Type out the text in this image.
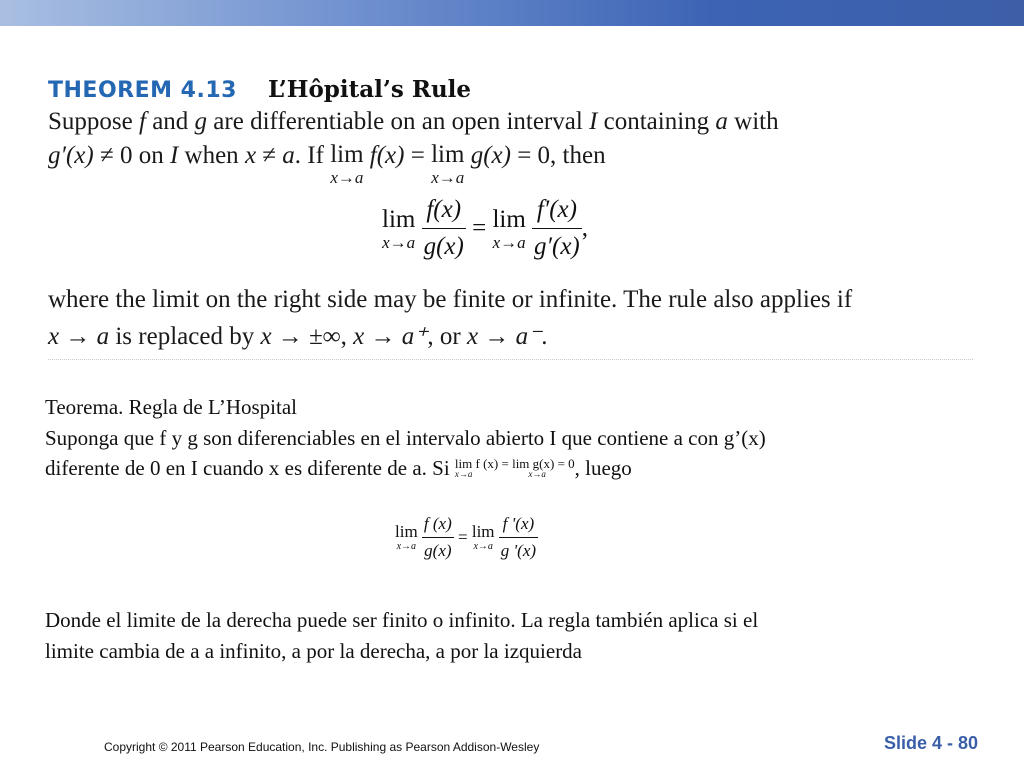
THEOREM 4.13 L’Hôpital’s Rule
Suppose f and g are differentiable on an open interval I containing a with
g′(x) ≠ 0 on I when x ≠ a. If lim
x→a
f(x) = lim
x→a
g(x) = 0, then
lim
x→a
$\frac{f(x)}{g(x)} = \lim$
x→a
$\frac{f'(x)}{g'(x)}$ ,
where the limit on the right side may be finite or infinite. The rule also applies if
x → a is replaced by x → ±∞, x → a⁺, or x → a⁻.
Teorema. Regla de L’Hospital
Suponga que f y g son diferenciables en el intervalo abierto I que contiene a con g’(x)
diferente de 0 en I cuando x es diferente de a. Si lim f (x) = lim g(x) = 0
x→a	x→a	, luego
lim
x→a
$\frac{f (x)}{g(x)} = \lim$
x→a
$\frac{f '(x)}{g '(x)}$
Donde el limite de la derecha puede ser finito o infinito. La regla también aplica si el
limite cambia de a a infinito, a por la derecha, a por la izquierda
Copyright © 2011 Pearson Education, Inc. Publishing as Pearson Addison-Wesley	Slide 4 - 80
